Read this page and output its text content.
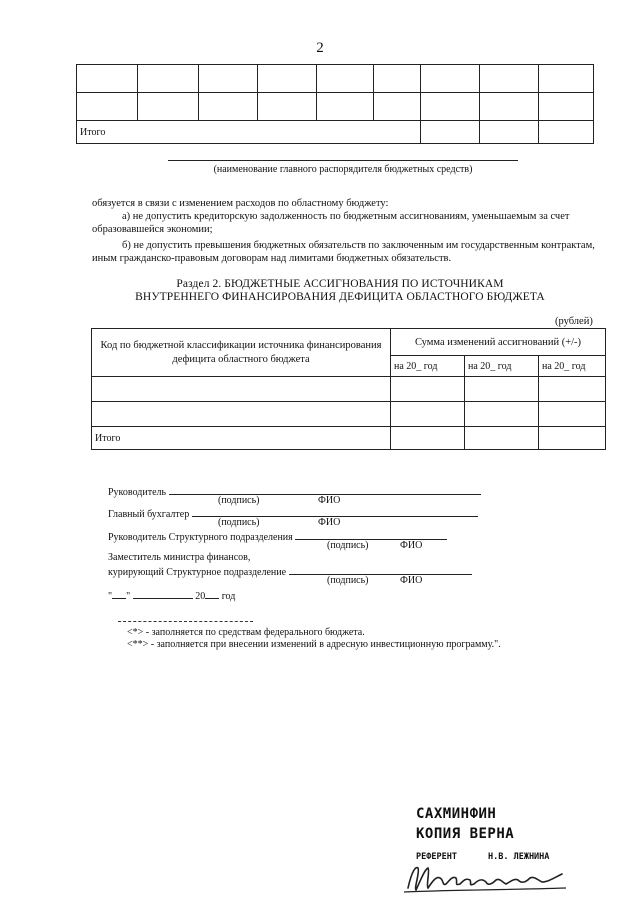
2

Итого								
(наименование главного распорядителя бюджетных средств)
обязуется в связи с изменением расходов по областному бюджету:
а) не допустить кредиторскую задолженность по бюджетным ассигнованиям, уменьшаемым за счет образовавшейся экономии;
б) не допустить превышения бюджетных обязательств по заключенным им государственным контрактам, иным гражданско-правовым договорам над лимитами бюджетных обязательств.
Раздел 2. БЮДЖЕТНЫЕ АССИГНОВАНИЯ ПО ИСТОЧНИКАМ
ВНУТРЕННЕГО ФИНАНСИРОВАНИЯ ДЕФИЦИТА ОБЛАСТНОГО БЮДЖЕТА
(рублей)
Код по бюджетной классификации источника финансирования дефицита областного бюджета	Сумма изменений ассигнований (+/-)		
	на 20_ год	на 20_ год	на 20_ год

Итого			
Руководитель
(подпись)	ФИО
Главный бухгалтер
(подпись)	ФИО
Руководитель Структурного подразделения
(подпись)	ФИО
Заместитель министра финансов,
курирующий Структурное подразделение
(подпись)	ФИО
" "	20 год
<*> - заполняется по средствам федерального бюджета.
<**> - заполняется при внесении изменений в адресную инвестиционную программу.".
САХМИНФИН
КОПИЯ ВЕРНА
РЕФЕРЕНТ	Н.В. ЛЕЖНИНА
